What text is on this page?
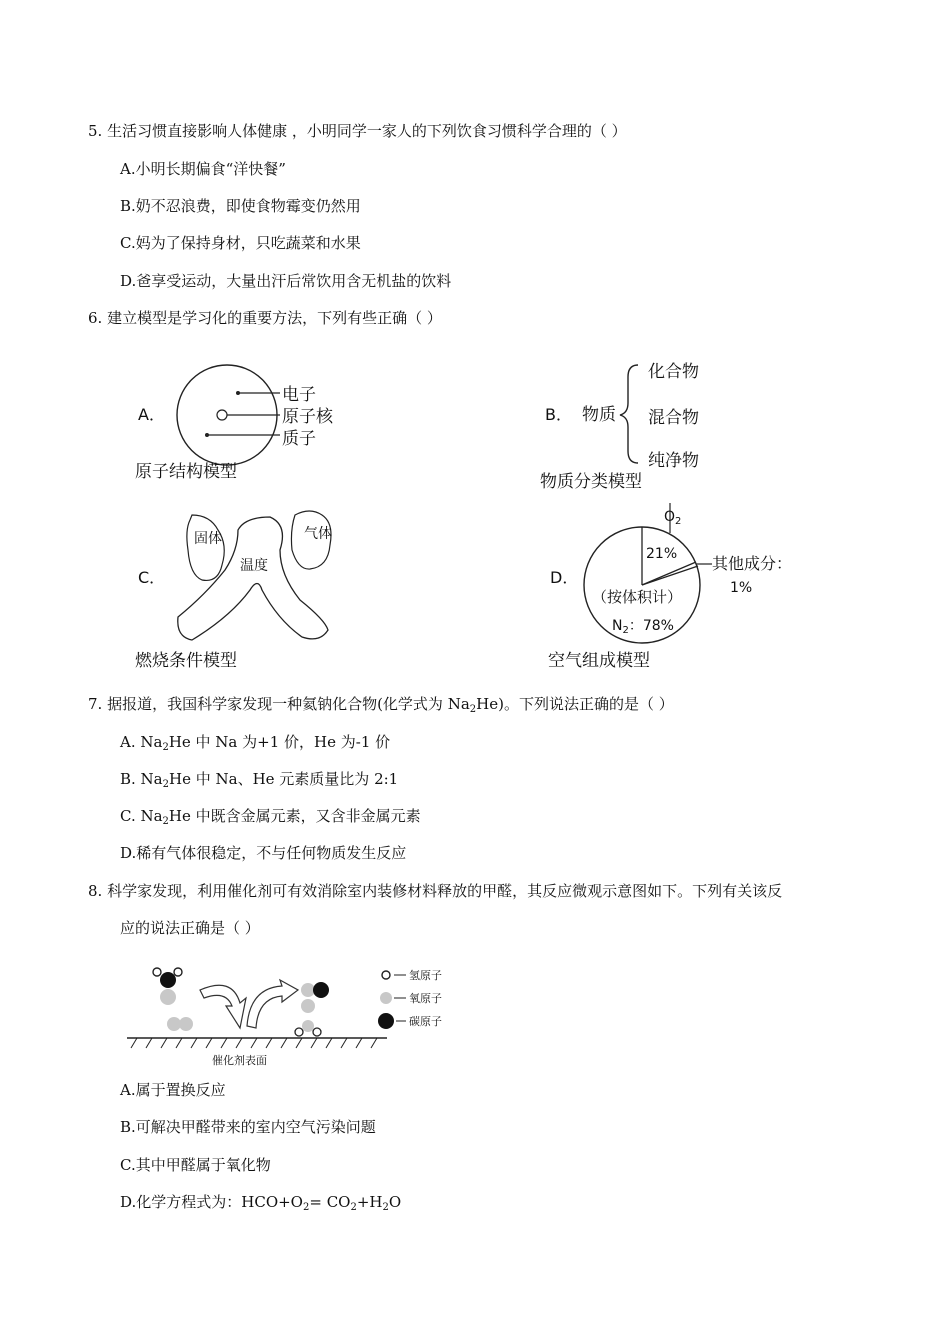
5. 生活习惯直接影响人体健康 ，小明同学一家人的下列饮食习惯科学合理的（ ）
A.小明长期偏食“洋快餐”
B.奶不忍浪费，即使食物霉变仍然用
C.妈为了保持身材，只吃蔬菜和水果
D.爸享受运动，大量出汗后常饮用含无机盐的饮料
6. 建立模型是学习化的重要方法，下列有些正确（ ）
A．
电子
原子核
质子
原子结构模型
B． 物质
化合物
混合物
纯净物
物质分类模型
C．
固体	气体
温度
燃烧条件模型
D．
$O_2$
21% 其他成分：
1%
（按体积计）
$N_2$：78%
空气组成模型
7. 据报道，我国科学家发现一种氦钠化合物(化学式为 $Na_2He$)。下列说法正确的是（ ）
A. $Na_2He$ 中 Na 为+1 价，He 为-1 价
B. $Na_2He$ 中 Na、He 元素质量比为 2:1
C. $Na_2He$ 中既含金属元素，又含非金属元素
D.稀有气体很稳定，不与任何物质发生反应
8. 科学家发现，利用催化剂可有效消除室内装修材料释放的甲醛，其反应微观示意图如下。下列有关该反
应的说法正确是（ ）
催化剂表面
氢原子
氧原子
碳原子
A.属于置换反应
B.可解决甲醛带来的室内空气污染问题
C.其中甲醛属于氧化物
D.化学方程式为：$HCO+O_2= CO_2+H_2O$
